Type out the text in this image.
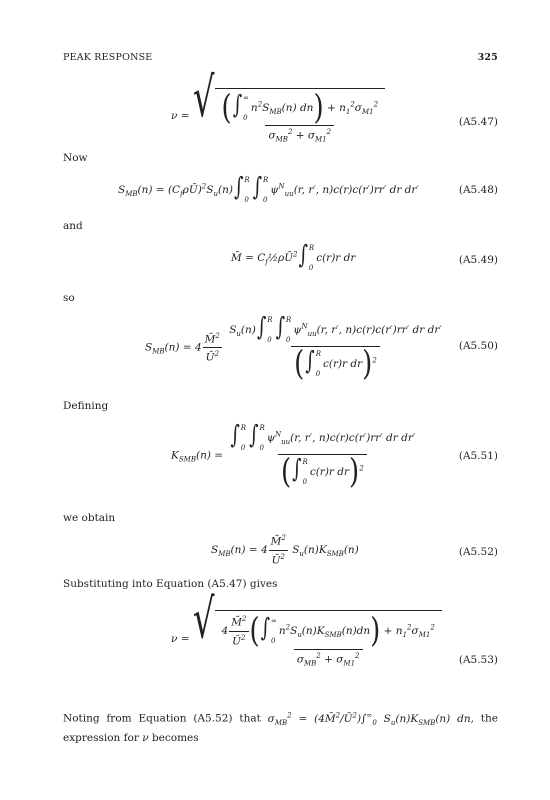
PEAK RESPONSE	325
ν = √ (∫ ∞
0
$n^2S_{MB}(n) dn) + n_1^2\sigma_{M1}^2$
$\sigma_{MB}^2 + \sigma_{M1}^2$	(A5.47)
Now
$S_{MB}(n)$ = $(C_f\rho Ū)^2S_u(n)\int$ R
0 ∫ R
0
$\psi^N_{uu}(r$, r′, n)c(r)c(r′)rr′ dr dr′	(A5.48)
and
M̄ = $C_f\frac{1}{2}\rho Ū^2\int$ R
0
c(r)r dr	(A5.49)
so
$S_{MB}(n) = 4 \frac{M̄^2}{Ū^2}$
$S_u(n)\int$ R
0 ∫ R
0
$\psi^N_{uu}(r$, r′, n)c(r)c(r′)rr′ dr dr′
(∫ R
0
c(r)r dr)$^2$ (A5.50)
Defining
$K_{SMB}(n)$ = ∫ R
0 ∫ R
0
$\psi^N_{uu}(r$, r′, n)c(r)c(r′)rr′ dr dr′
(∫ R
0
c(r)r dr)$^2$	(A5.51)
we obtain
$S_{MB}(n) = 4 \frac{M̄^2}{Ū^2} S_u(n)K_{SMB}(n)$	(A5.52)
Substituting into Equation (A5.47) gives
ν = √ $4 \frac{M̄^2}{Ū^2}$ (∫ ∞
0
$n^2S_u(n)K_{SMB}(n)dn) + n_1^2\sigma_{M1}^2$
$\sigma_{MB}^2 + \sigma_{M1}^2$ (A5.53)
Noting from Equation (A5.52) that $\sigma_{MB}^2$ = $(4M̄^2/Ū^2)\int^\infty_0$ $S_u(n)K_{SMB}(n)$ dn, the expression for ν becomes
